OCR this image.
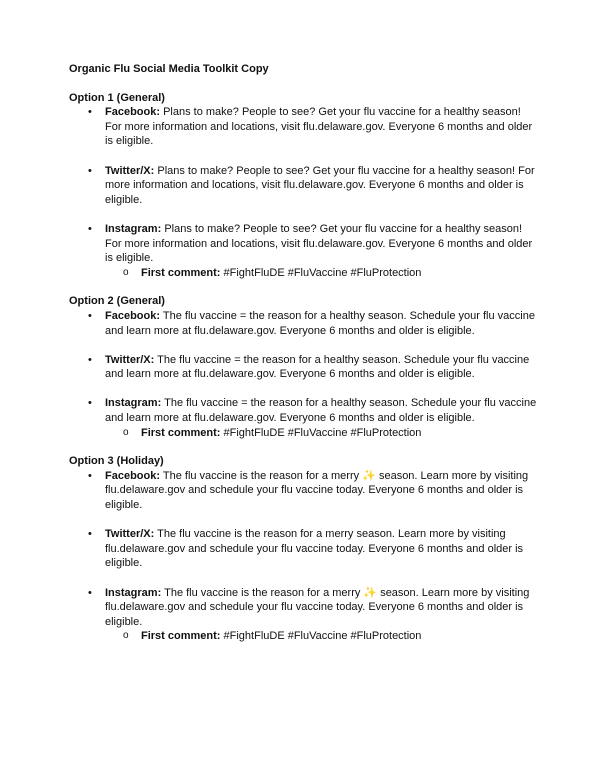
Organic Flu Social Media Toolkit Copy

Option 1 (General)

• Facebook: Plans to make? People to see? Get your flu vaccine for a healthy season! For more information and locations, visit flu.delaware.gov. Everyone 6 months and older is eligible.
• Twitter/X: Plans to make? People to see? Get your flu vaccine for a healthy season! For more information and locations, visit flu.delaware.gov. Everyone 6 months and older is eligible.
• Instagram: Plans to make? People to see? Get your flu vaccine for a healthy season! For more information and locations, visit flu.delaware.gov. Everyone 6 months and older is eligible.
o First comment: #FightFluDE #FluVaccine #FluProtection

Option 2 (General)

• Facebook: The flu vaccine = the reason for a healthy season. Schedule your flu vaccine and learn more at flu.delaware.gov. Everyone 6 months and older is eligible.
• Twitter/X: The flu vaccine = the reason for a healthy season. Schedule your flu vaccine and learn more at flu.delaware.gov. Everyone 6 months and older is eligible.
• Instagram: The flu vaccine = the reason for a healthy season. Schedule your flu vaccine and learn more at flu.delaware.gov. Everyone 6 months and older is eligible.
o First comment: #FightFluDE #FluVaccine #FluProtection

Option 3 (Holiday)

• Facebook: The flu vaccine is the reason for a merry ✨ season. Learn more by visiting flu.delaware.gov and schedule your flu vaccine today. Everyone 6 months and older is eligible.
• Twitter/X: The flu vaccine is the reason for a merry season. Learn more by visiting flu.delaware.gov and schedule your flu vaccine today. Everyone 6 months and older is eligible.
• Instagram: The flu vaccine is the reason for a merry ✨ season. Learn more by visiting flu.delaware.gov and schedule your flu vaccine today. Everyone 6 months and older is eligible.
o First comment: #FightFluDE #FluVaccine #FluProtection
